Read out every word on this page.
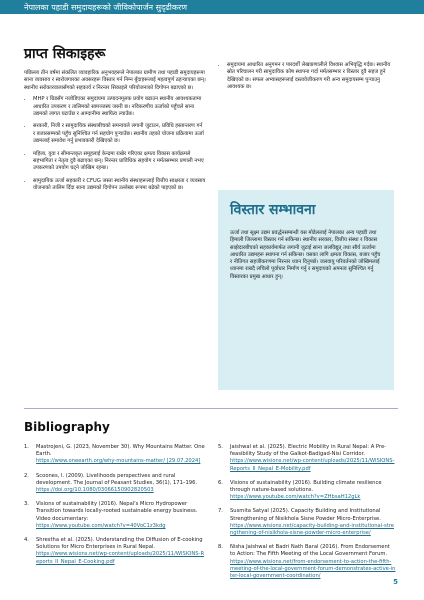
नेपालका पहाडी समुदायहरूको जीविकोपार्जन सुदृढीकरण
प्राप्त सिकाइहरू

पछिल्ला तीन वर्षमा संकलित व्यावहारिक अनुभवहरूले नेपालका ग्रामीण तथा पहाडी समुदायहरूमा साना व्यवसाय र स्वरोजगारका अवसरहरू विस्तार गर्न निम्न बुँदाहरूलाई महत्वपूर्ण ठहर्‍याएका छन्। स्थानीय सरोकारवालासँगको सहकार्य र निरन्तर सिकाइले परियोजनाको दिगोपन बढाएको छ।

• MHP र ग्रिडसँग नजोडिएका समुदायमा उत्पादनमूलक प्रयोग बढाउन स्थानीय आवश्यकतामा आधारित उपकरण र तालिमको सामञ्जस्य जरुरी छ। नविकरणीय ऊर्जाको पहुँचले साना उद्यमको लागत घटाउँछ र आम्दानीमा स्थायित्व ल्याउँछ।
• सरकारी, निजी र सामुदायिक संस्थाबीचको समन्वयले लगानी जुटाउन, प्रविधि हस्तान्तरण गर्न र बजारसम्मको पहुँच सुनिश्चित गर्न सहयोग पुर्‍याउँछ। स्थानीय तहको योजना प्रक्रियामा ऊर्जा उद्यमलाई समावेश गर्नु प्रभावकारी देखिएको छ।
• महिला, युवा र सीमान्तकृत समूहलाई केन्द्रमा राखेर गरिएका क्षमता विकास कार्यक्रमले सहभागिता र नेतृत्व दुवै बढाएका छन्। निरन्तर प्राविधिक सहयोग र मर्मतसम्भार प्रणाली नभए उपकरणको उपयोग घट्ने जोखिम रहन्छ।
• सामुदायिक ऊर्जा सहकारी र CFUG जस्ता स्थानीय संस्थाहरूलाई वित्तीय साक्षरता र व्यवसाय योजनाको तालिम दिँदा साना उद्यमको दिगोपन उल्लेख्य रूपमा बढेको पाइएको छ।
• समुदायमा आधारित अनुगमन र पारदर्शी लेखाप्रणालीले विश्वास अभिवृद्धि गर्दछ। स्थानीय स्रोत परिचालन गरी सामुदायिक कोष स्थापना गर्दा मर्मतसम्भार र विस्तार दुवै सहज हुने देखिएको छ। सफल अभ्यासहरूलाई दस्तावेजीकरण गरी अन्य समुदायसम्म पुर्‍याउनु आवश्यक छ।
विस्तार सम्भावना
ऊर्जा तथा सूक्ष्म उद्यम प्रवर्द्धनसम्बन्धी यस मोडेललाई नेपालका अन्य पहाडी तथा हिमाली जिल्लामा विस्तार गर्न सकिन्छ। स्थानीय सरकार, वित्तीय संस्था र विकास साझेदारबीचको सहकार्यमार्फत लगानी जुटाई साना जलविद्युत् तथा सौर्य ऊर्जामा आधारित उद्यमहरू स्थापना गर्न सकिन्छ। यसका लागि क्षमता विकास, बजार पहुँच र नीतिगत सहजीकरणमा निरन्तर ध्यान दिनुपर्छ। जलवायु परिवर्तनको जोखिमलाई ध्यानमा राख्दै लचिलो पूर्वाधार निर्माण गर्नु र समुदायको अपनत्व सुनिश्चित गर्नु विस्तारका प्रमुख आधार हुन्।
Bibliography
1.	Mastrojeni, G. (2023, November 30). Why Mountains Matter. One Earth.
https://www.oneearth.org/why-mountains-matter/ [29.07.2024]
2.	Scoones, I. (2009). Livelihoods perspectives and rural development. The Journal of Peasant Studies, 36(1), 171–196.
https://doi.org/10.1080/03066150902820503
3.	Visions of sustainability (2016). Nepal's Micro Hydropower Transition towards locally-rooted sustainable energy business. Video documentary:
https://www.youtube.com/watch?v=40VoC1z3kdg
4.	Shrestha et al. (2025). Understanding the Diffusion of E-cooking Solutions for Micro Enterprises in Rural Nepal.
https://www.wisions.net/wp-content/uploads/2025/11/WISIONS-Reports_II_Nepal_E-Cooking.pdf
5.	Jaishwal et al. (2025). Electric Mobility in Rural Nepal: A Pre-feasibility Study of the Galkot-Badigad-Nisi Corridor.
https://www.wisions.net/wp-content/uploads/2025/11/WISIONS-Reports_II_Nepal_E-Mobility.pdf
6.	Visions of sustainability (2016). Building climate resilience through nature-based solutions.
https://www.youtube.com/watch?v=ZHbsaH12gLk
7.	Susmita Satyal (2025). Capacity Building and Institutional Strengthening of Nisikhola Sisne Powder Micro-Enterprise.
https://www.wisions.net/capacity-building-and-institutional-strengthening-of-nisikhola-sisne-powder-micro-enterprise/
8.	Nisha Jaishwal et Badri Nath Baral (2016). From Endorsement to Action: The Fifth Meeting of the Local Government Forum.
https://www.wisions.net/from-endorsement-to-action-the-fifth-meeting-of-the-local-government-forum-demonstrates-active-inter-local-government-coordination/
5
